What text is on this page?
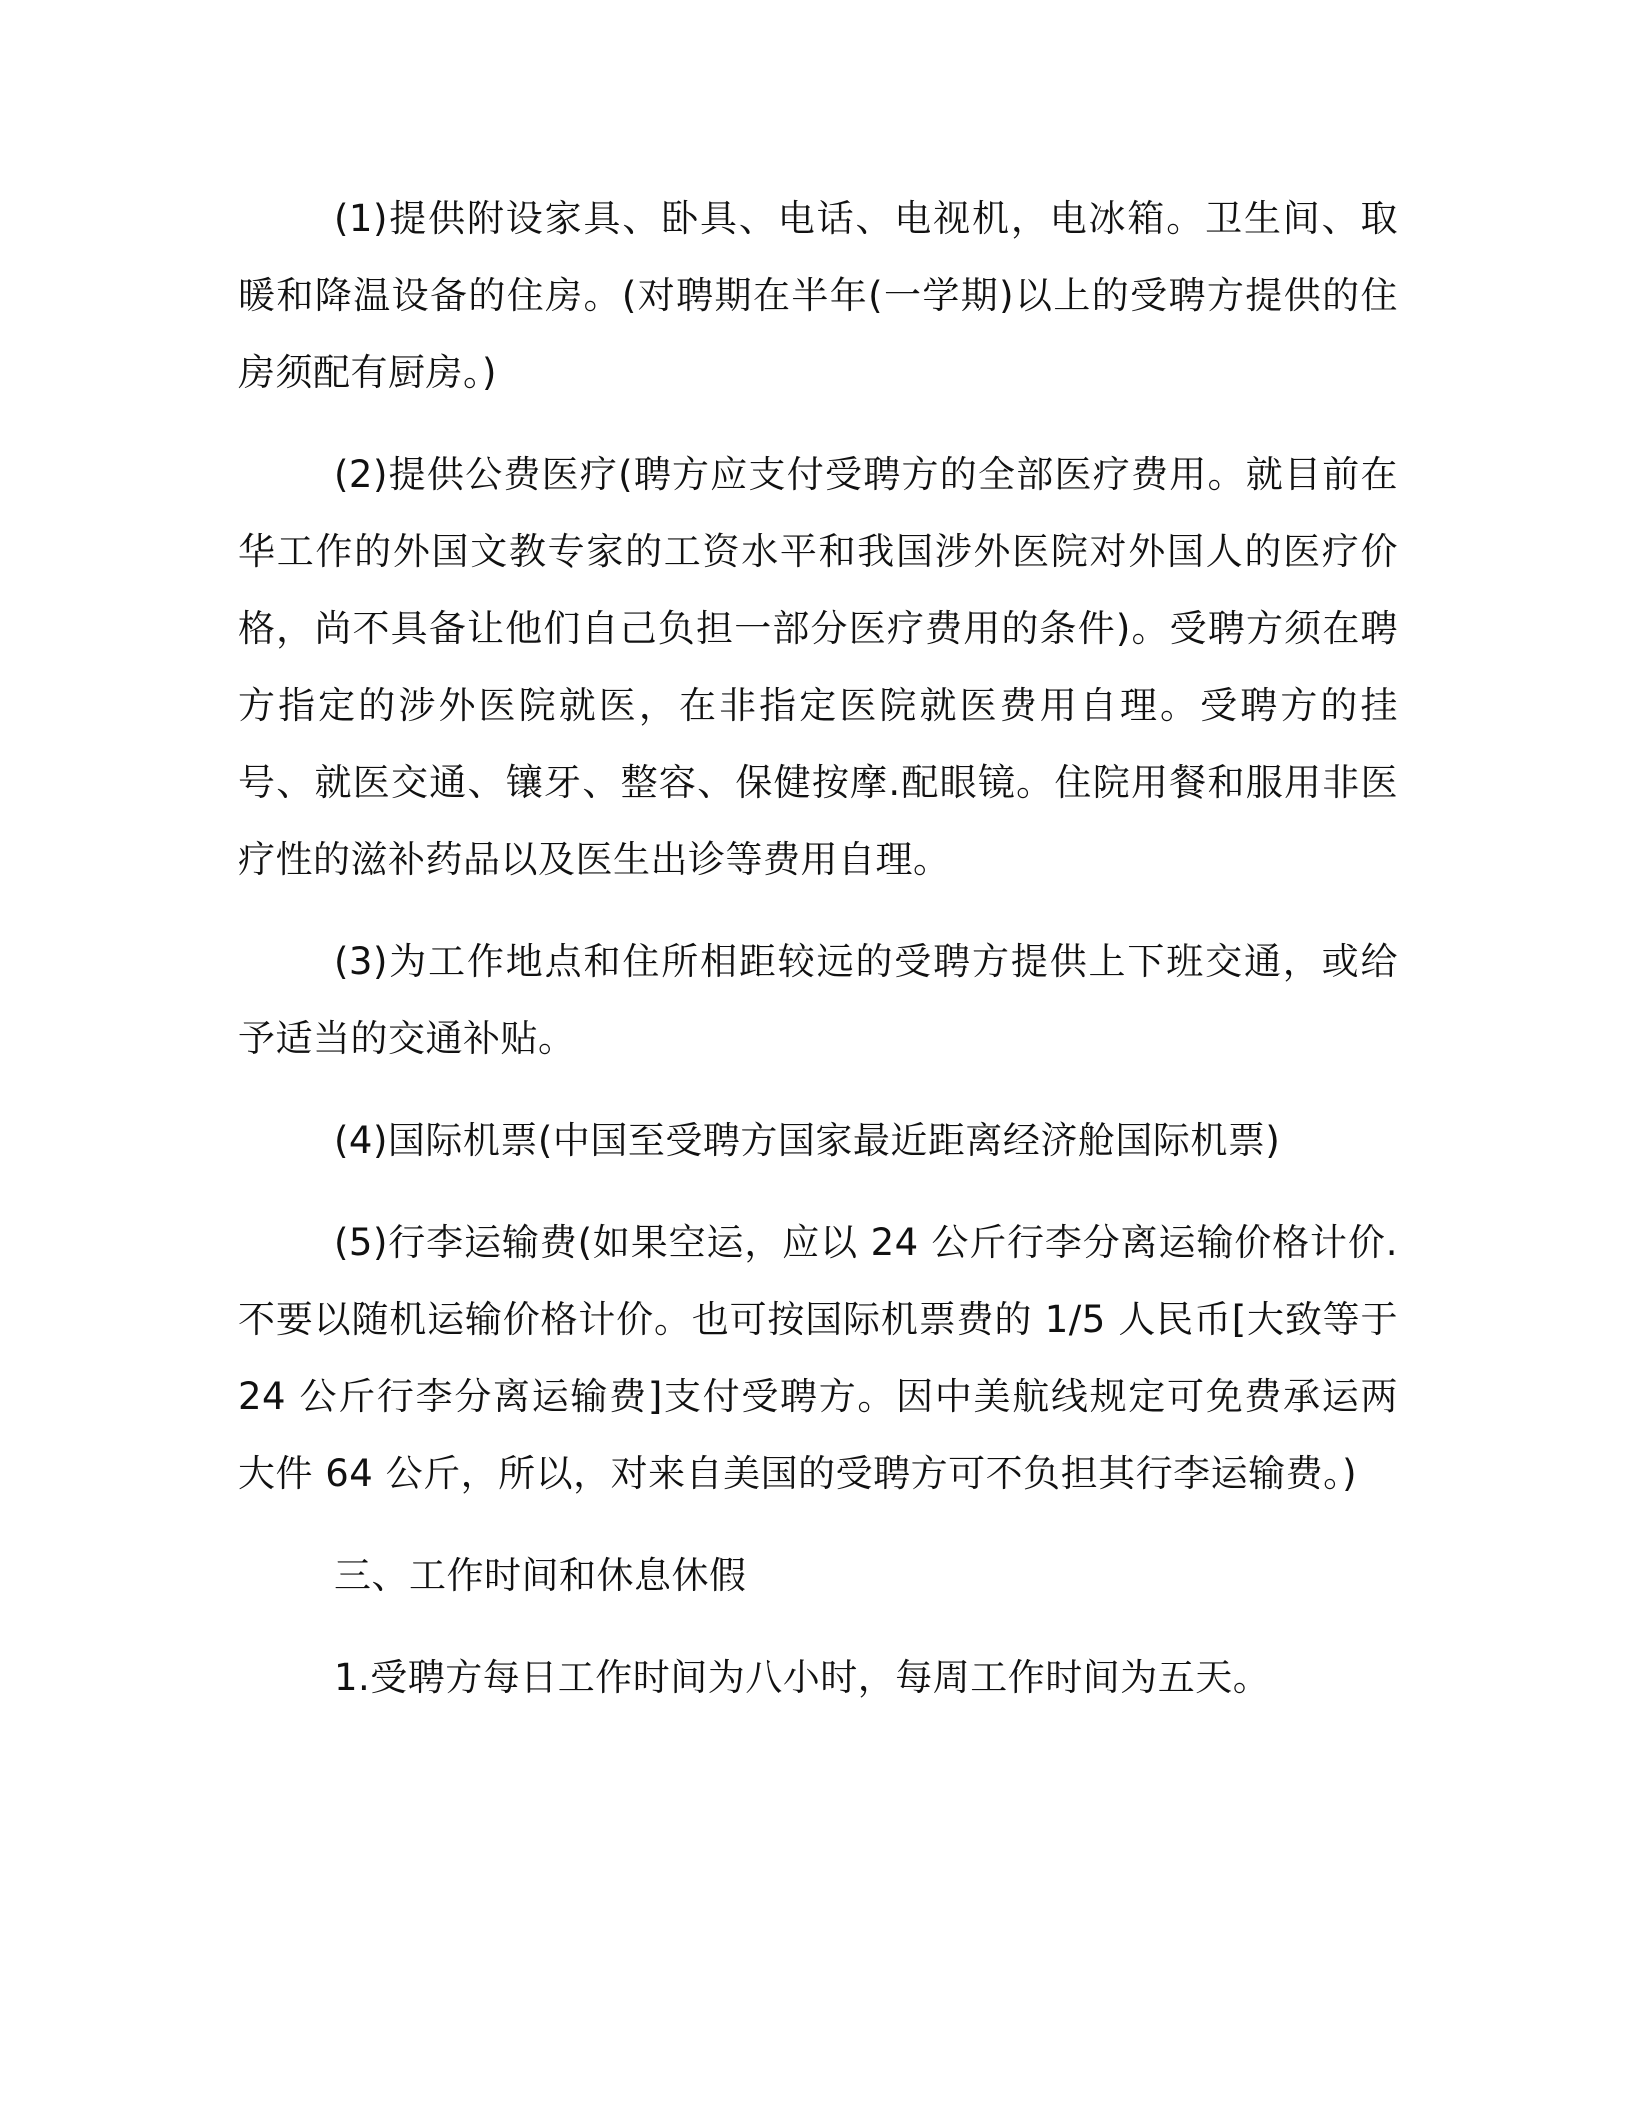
(1)提供附设家具、卧具、电话、电视机，电冰箱。卫生间、取暖和降温设备的住房。(对聘期在半年(一学期)以上的受聘方提供的住房须配有厨房。)

(2)提供公费医疗(聘方应支付受聘方的全部医疗费用。就目前在华工作的外国文教专家的工资水平和我国涉外医院对外国人的医疗价格，尚不具备让他们自己负担一部分医疗费用的条件)。受聘方须在聘方指定的涉外医院就医，在非指定医院就医费用自理。受聘方的挂号、就医交通、镶牙、整容、保健按摩.配眼镜。住院用餐和服用非医疗性的滋补药品以及医生出诊等费用自理。

(3)为工作地点和住所相距较远的受聘方提供上下班交通，或给予适当的交通补贴。

(4)国际机票(中国至受聘方国家最近距离经济舱国际机票)

(5)行李运输费(如果空运，应以 24 公斤行李分离运输价格计价.不要以随机运输价格计价。也可按国际机票费的 1/5 人民币[大致等于 24 公斤行李分离运输费]支付受聘方。因中美航线规定可免费承运两大件 64 公斤，所以，对来自美国的受聘方可不负担其行李运输费。)

三、工作时间和休息休假

1.受聘方每日工作时间为八小时，每周工作时间为五天。
